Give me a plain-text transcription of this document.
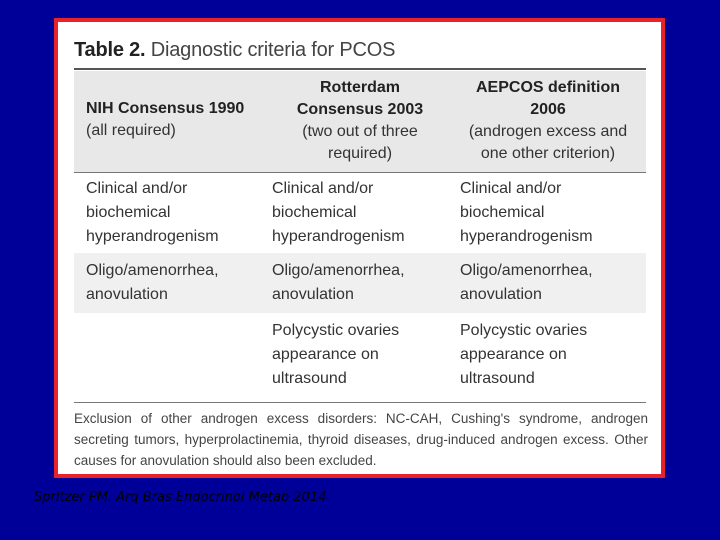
Table 2. Diagnostic criteria for PCOS
NIH Consensus 1990
(all required)
Rotterdam
Consensus 2003
(two out of three
required)
AEPCOS definition
2006
(androgen excess and
one other criterion)
Clinical and/or
biochemical
hyperandrogenism
Clinical and/or
biochemical
hyperandrogenism
Clinical and/or
biochemical
hyperandrogenism
Oligo/amenorrhea,
anovulation
Oligo/amenorrhea,
anovulation
Oligo/amenorrhea,
anovulation
Polycystic ovaries
appearance on
ultrasound
Polycystic ovaries
appearance on
ultrasound
Exclusion of other androgen excess disorders: NC-CAH, Cushing's syndrome, androgen secreting tumors, hyperprolactinemia, thyroid diseases, drug-induced androgen excess. Other causes for anovulation should also been excluded.
Spritzer PM. Arq Bras Endocrinol Metab 2014
